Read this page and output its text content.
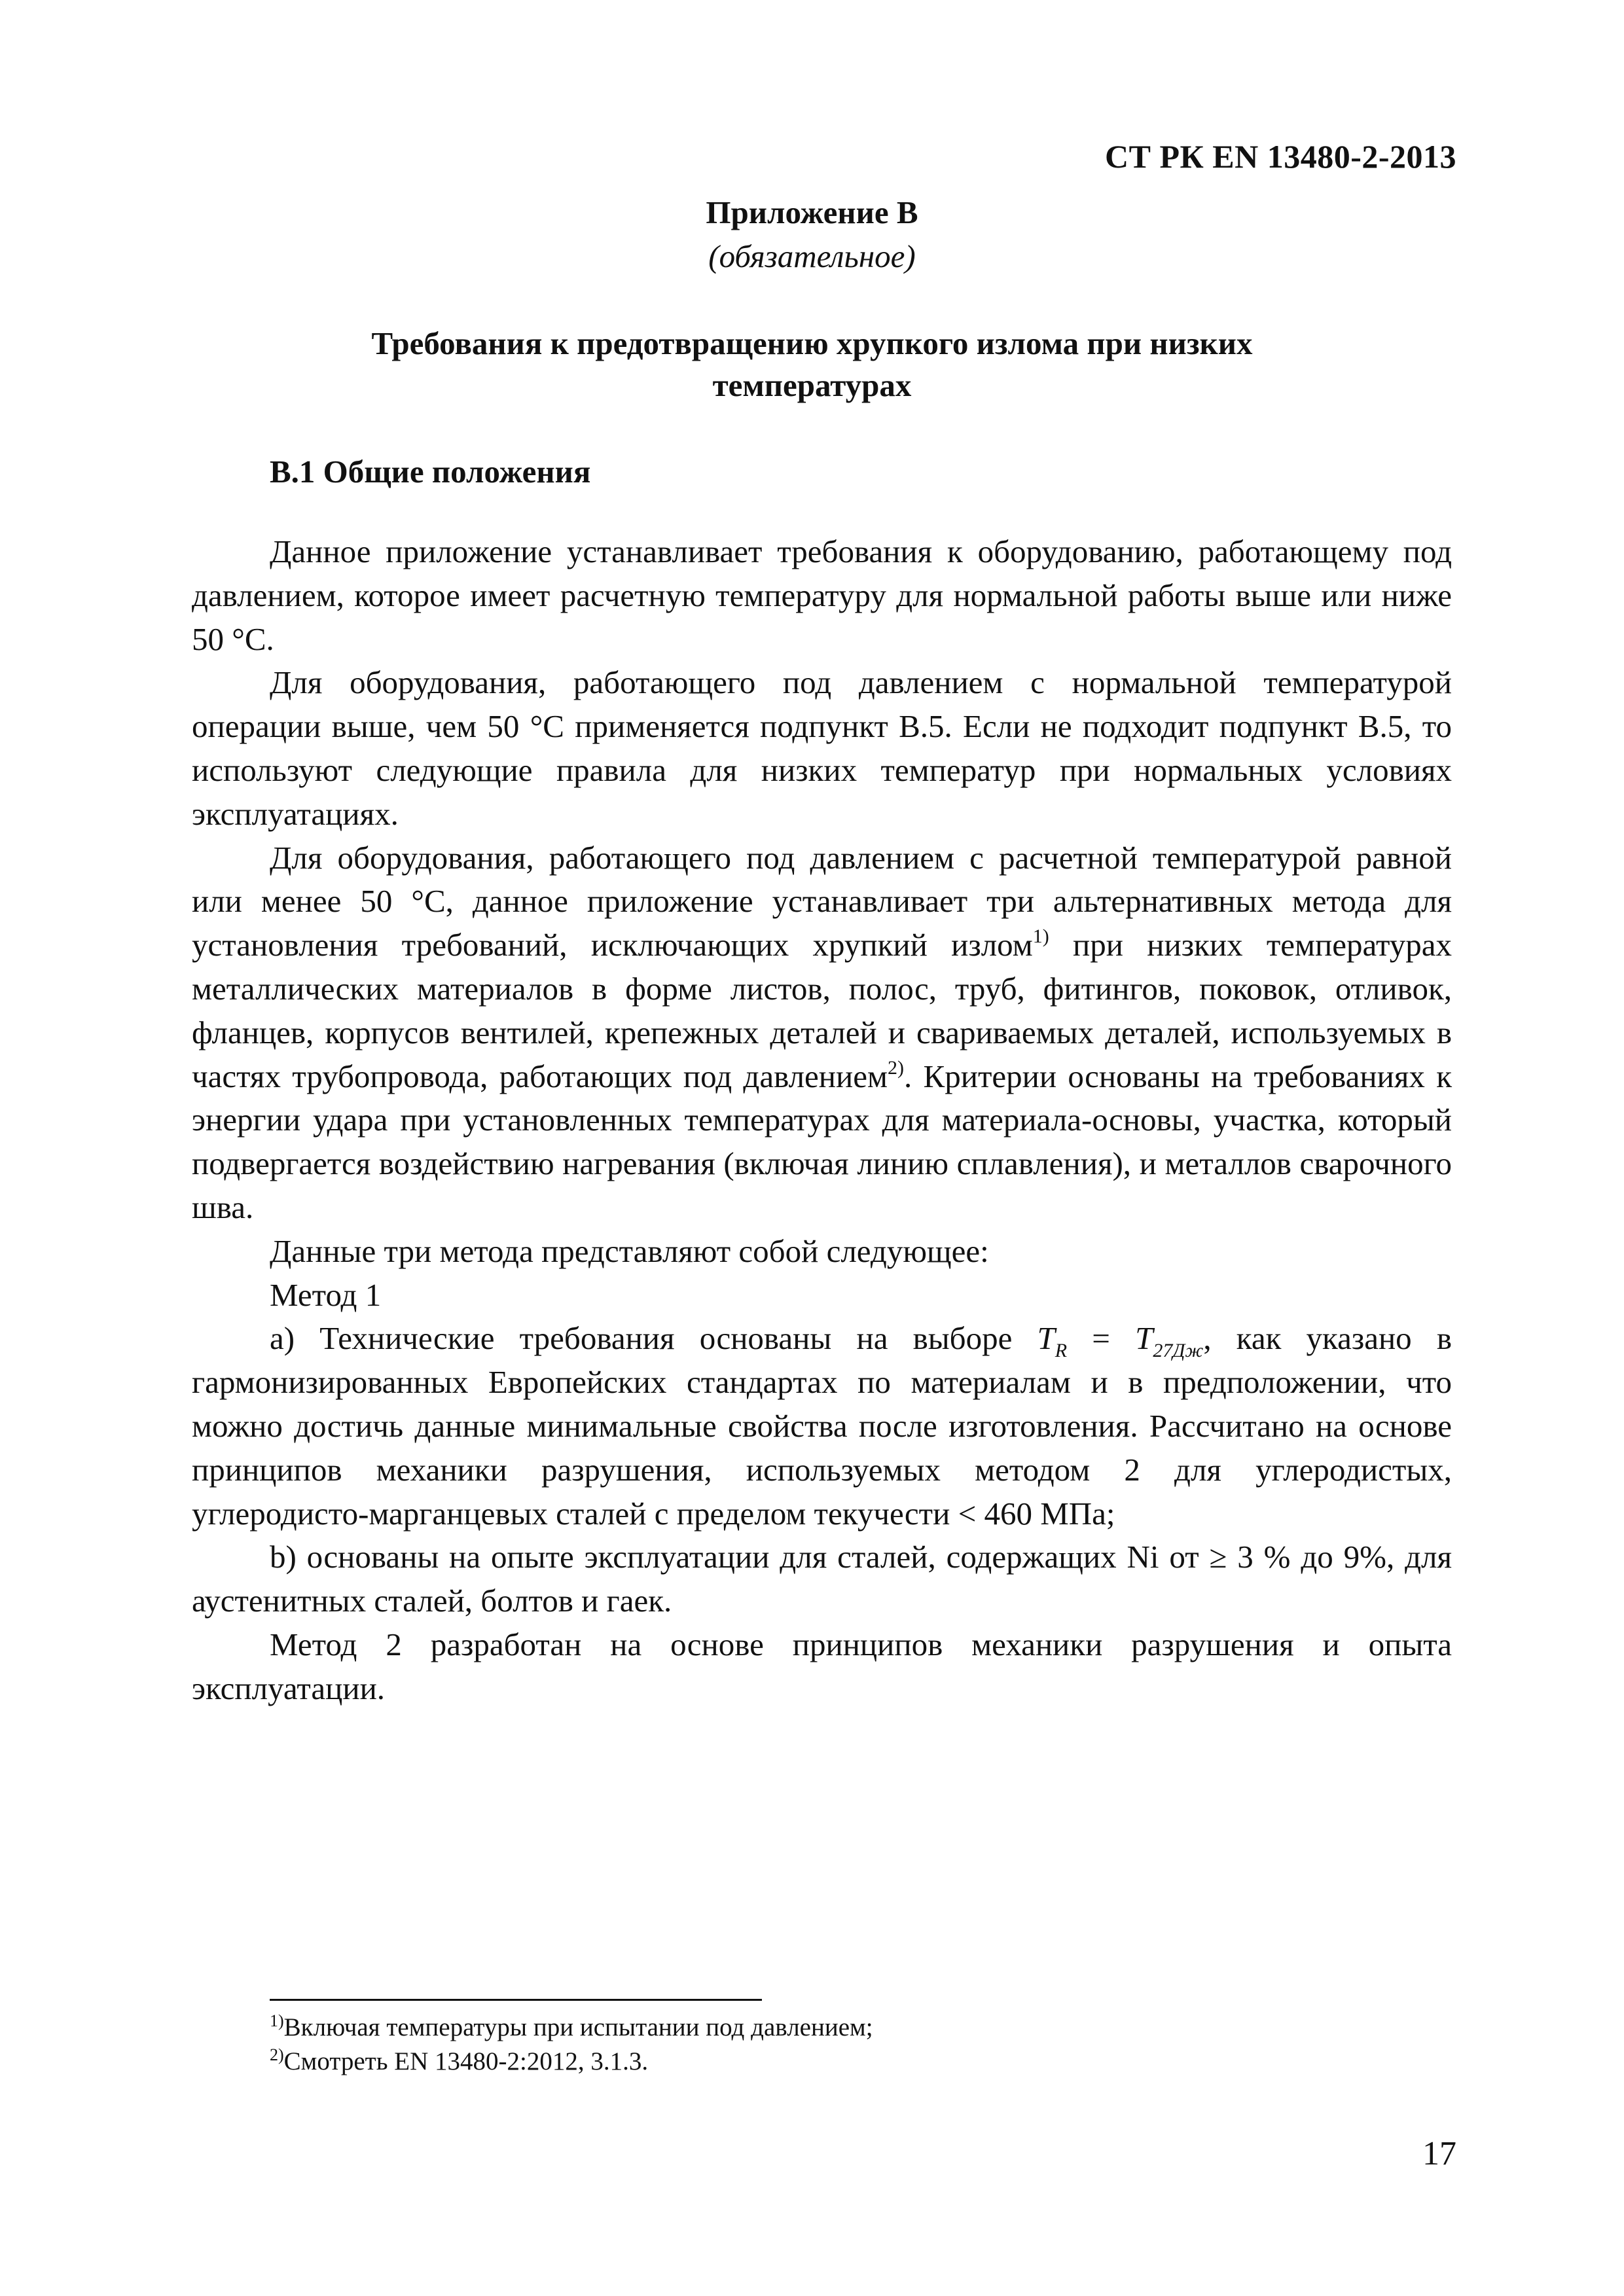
СТ РК EN 13480-2-2013
Приложение В
(обязательное)
Требования к предотвращению хрупкого излома при низких
температурах
В.1 Общие положения

Данное приложение устанавливает требования к оборудованию, работающему под давлением, которое имеет расчетную температуру для нормальной работы выше или ниже 50 °С.

Для оборудования, работающего под давлением с нормальной температурой операции выше, чем 50 °С применяется подпункт В.5. Если не подходит подпункт В.5, то используют следующие правила для низких температур при нормальных условиях эксплуатациях.

Для оборудования, работающего под давлением с расчетной температурой равной или менее 50 °С, данное приложение устанавливает три альтернативных метода для установления требований, исключающих хрупкий излом$^{1)}$ при низких температурах металлических материалов в форме листов, полос, труб, фитингов, поковок, отливок, фланцев, корпусов вентилей, крепежных деталей и свариваемых деталей, используемых в частях трубопровода, работающих под давлением$^{2)}$. Критерии основаны на требованиях к энергии удара при установленных температурах для материала-основы, участка, который подвергается воздействию нагревания (включая линию сплавления), и металлов сварочного шва.

Данные три метода представляют собой следующее:

Метод 1

a) Технические требования основаны на выборе $T_R = T_{27Дж}$, как указано в гармонизированных Европейских стандартах по материалам и в предположении, что можно достичь данные минимальные свойства после изготовления. Рассчитано на основе принципов механики разрушения, используемых методом 2 для углеродистых, углеродисто-марганцевых сталей с пределом текучести < 460 МПа;

b) основаны на опыте эксплуатации для сталей, содержащих Ni от ≥ 3 % до 9%, для аустенитных сталей, болтов и гаек.

Метод 2 разработан на основе принципов механики разрушения и опыта эксплуатации.

$^{1)}$Включая температуры при испытании под давлением;
$^{2)}$Смотреть EN 13480-2:2012, 3.1.3.
17
